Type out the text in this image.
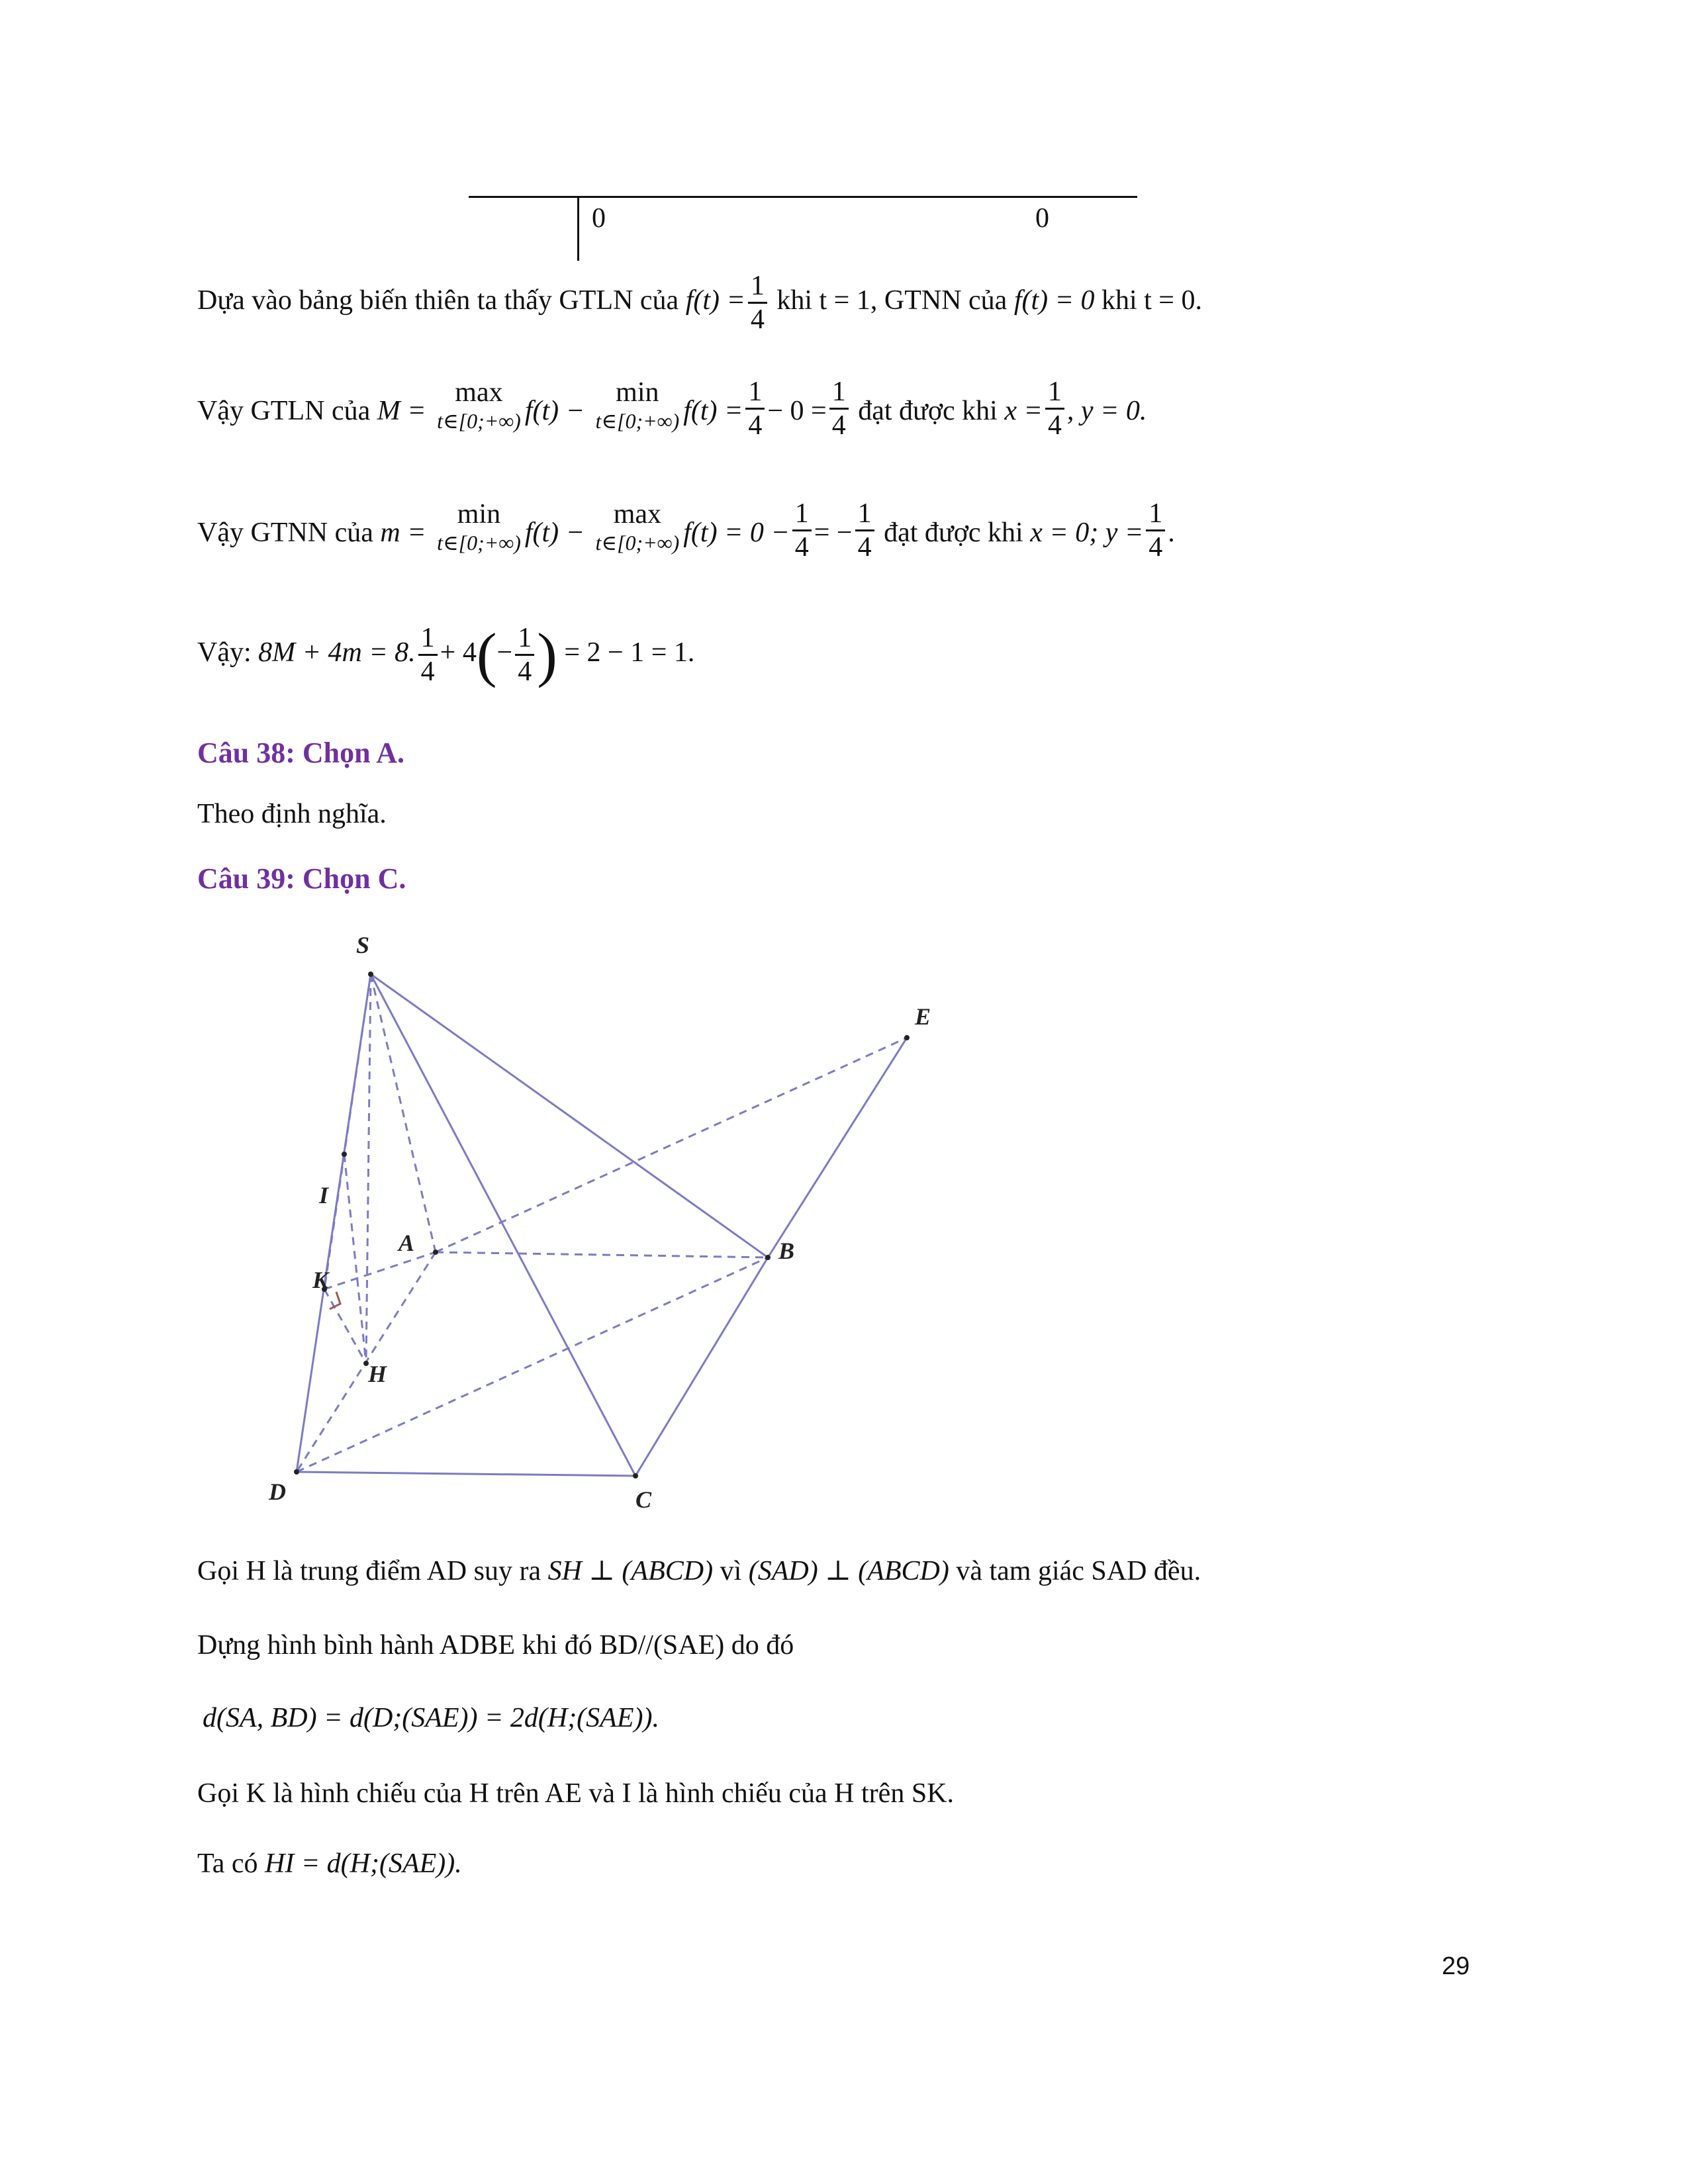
0	0
Dựa vào bảng biến thiên ta thấy GTLN của $f(t) = \frac{1}{4}$ khi t = 1, GTNN của f(t) = 0 khi t = 0.
Vậy GTLN của M =
max
t∈[0;+∞) f(t) −
min
t∈[0;+∞) $f(t) = \frac{1}{4} - 0 = \frac{1}{4}$ đạt được khi $x = \frac{1}{4}$ , y = 0.
Vậy GTNN của m =
min
t∈[0;+∞) f(t) −
max
t∈[0;+∞) $f(t) = 0 - \frac{1}{4}$ = − $\frac{1}{4}$ đạt được khi x = 0; $y = \frac{1}{4}$ .
Vậy: 8M + 4m = 8. $\frac{1}{4} + 4(- \frac{1}{4}$ ) = 2 − 1 = 1.
Câu 38: Chọn A.
Theo định nghĩa.
Câu 39: Chọn C.
S
E
I
A	B
K
H
D	C
Gọi H là trung điểm AD suy ra SH ⊥ (ABCD) vì (SAD) ⊥ (ABCD) và tam giác SAD đều.
Dựng hình bình hành ADBE khi đó BD//(SAE) do đó
d(SA, BD) = d(D;(SAE)) = 2d(H;(SAE)).
Gọi K là hình chiếu của H trên AE và I là hình chiếu của H trên SK.
Ta có HI = d(H;(SAE)).
29
